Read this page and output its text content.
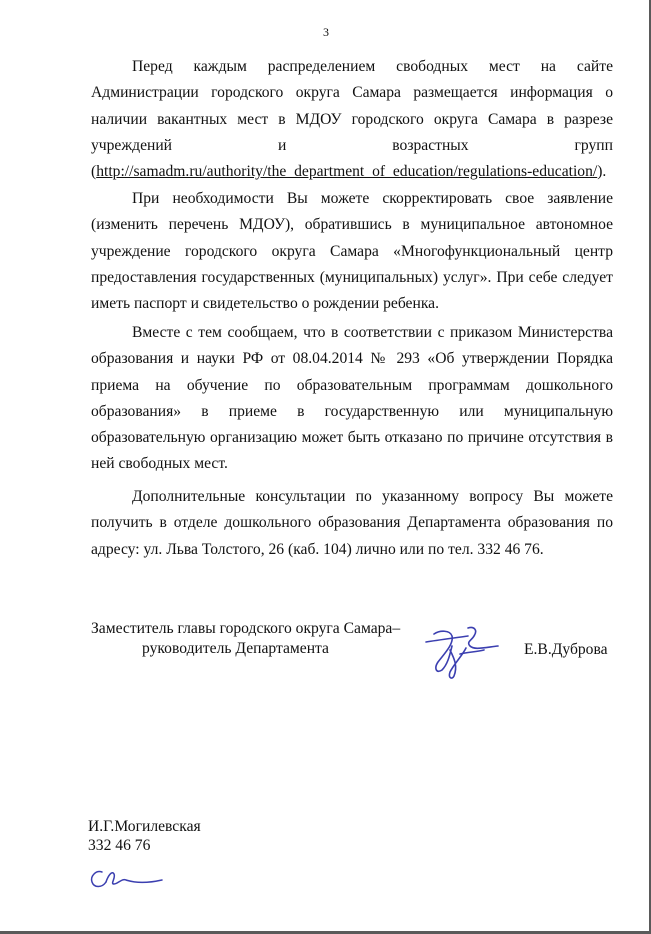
3

Перед каждым распределением свободных мест на сайте Администрации городского округа Самара размещается информация о наличии вакантных мест в МДОУ городского округа Самара в разрезе учреждений и возрастных групп (http://samadm.ru/authority/the_department_of_education/regulations-education/).

При необходимости Вы можете скорректировать свое заявление (изменить перечень МДОУ), обратившись в муниципальное автономное учреждение городского округа Самара «Многофункциональный центр предоставления государственных (муниципальных) услуг». При себе следует иметь паспорт и свидетельство о рождении ребенка.

Вместе с тем сообщаем, что в соответствии с приказом Министерства образования и науки РФ от 08.04.2014 № 293 «Об утверждении Порядка приема на обучение по образовательным программам дошкольного образования» в приеме в государственную или муниципальную образовательную организацию может быть отказано по причине отсутствия в ней свободных мест.

Дополнительные консультации по указанному вопросу Вы можете получить в отделе дошкольного образования Департамента образования по адресу: ул. Льва Толстого, 26 (каб. 104) лично или по тел. 332 46 76.

Заместитель главы городского округа Самара–
руководитель Департамента	Е.В.Дуброва
И.Г.Могилевская
332 46 76
